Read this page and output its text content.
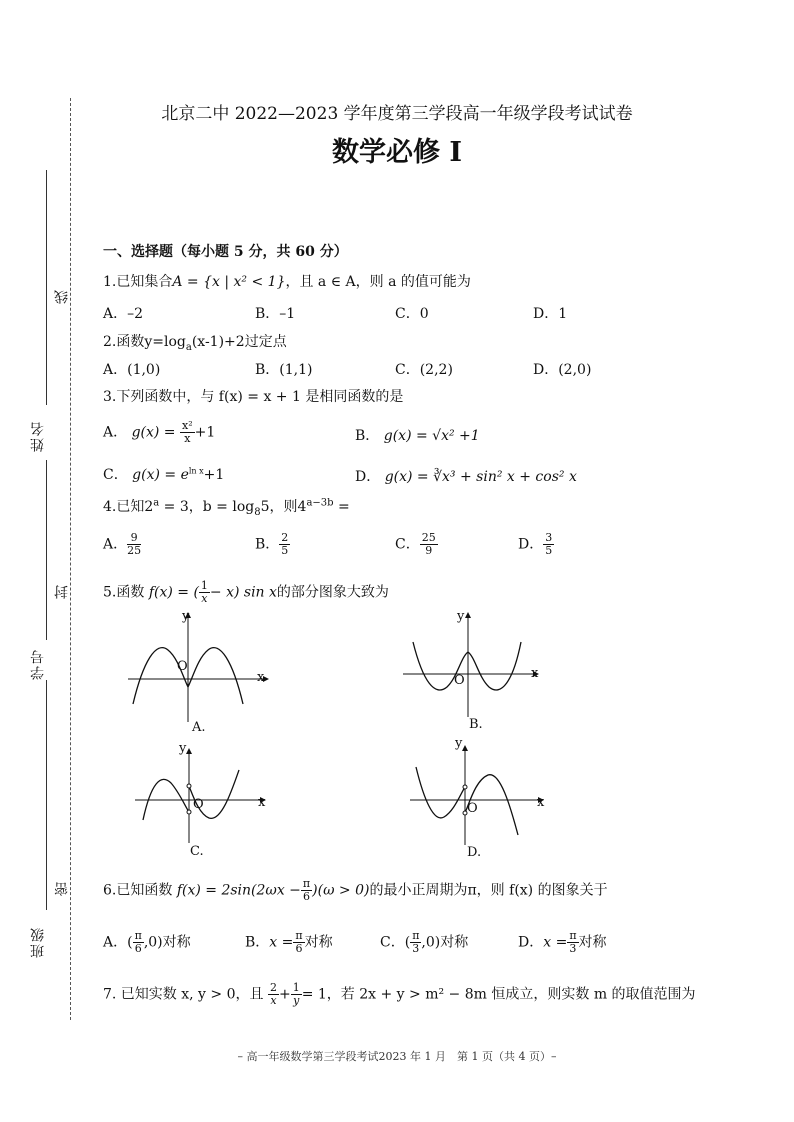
线
姓名
封
学号
密
班级
北京二中 2022—2023 学年度第三学段高一年级学段考试试卷
数学必修 I
一、选择题（每小题 5 分，共 60 分）
1.已知集合A = {x | x² < 1}，且 a ∈ A，则 a 的值可能为
A．–2	B．–1	C．0	D．1
2.函数$y=\log_a(x-1)+2$过定点
A．(1,0)	B．(1,1)	C．(2,2)	D．(2,0)
3.下列函数中，与 f(x) = x + 1 是相同函数的是
A． $g(x) = \frac{\text{x²}}{x} +1$	B． g(x) = √x² +1
C． $g(x) = e^{ln x}+1$	D． g(x) = ∛x³ + sin² x + cos² x
4.已知$2^a = 3$，$b = \log_85$，则$4^{a-3b}$ =
A． $\frac{9}{25}$	B． $\frac{2}{5}$	C． $\frac{25}{9}$	D． $\frac{3}{5}$
5.函数 f(x) = ( $\frac{1}{x}- x$) sin x的部分图象大致为
y
O
x
A.
y
O	x
B.
y
O	x
C.
y
O	x
D.
6.已知函数 $f(x) = 2\sin(2\omega x - \frac{\pi}{6} )(\omega > 0)$的最小正周期为π，则 f(x) 的图象关于
A．( $\frac{\pi}{6} ,0$)对称	B．$x = \frac{\pi}{6}$ 对称	C．( $\frac{\pi}{3} ,0$)对称	D．$x = \frac{\pi}{3}$ 对称
7. 已知实数 x, y > 0，且 $\frac{2}{x}+ \frac{1}{y}= 1$，若 2x + y > m² − 8m 恒成立，则实数 m 的取值范围为
– 高一年级数学第三学段考试2023 年 1 月　第 1 页（共 4 页）–
